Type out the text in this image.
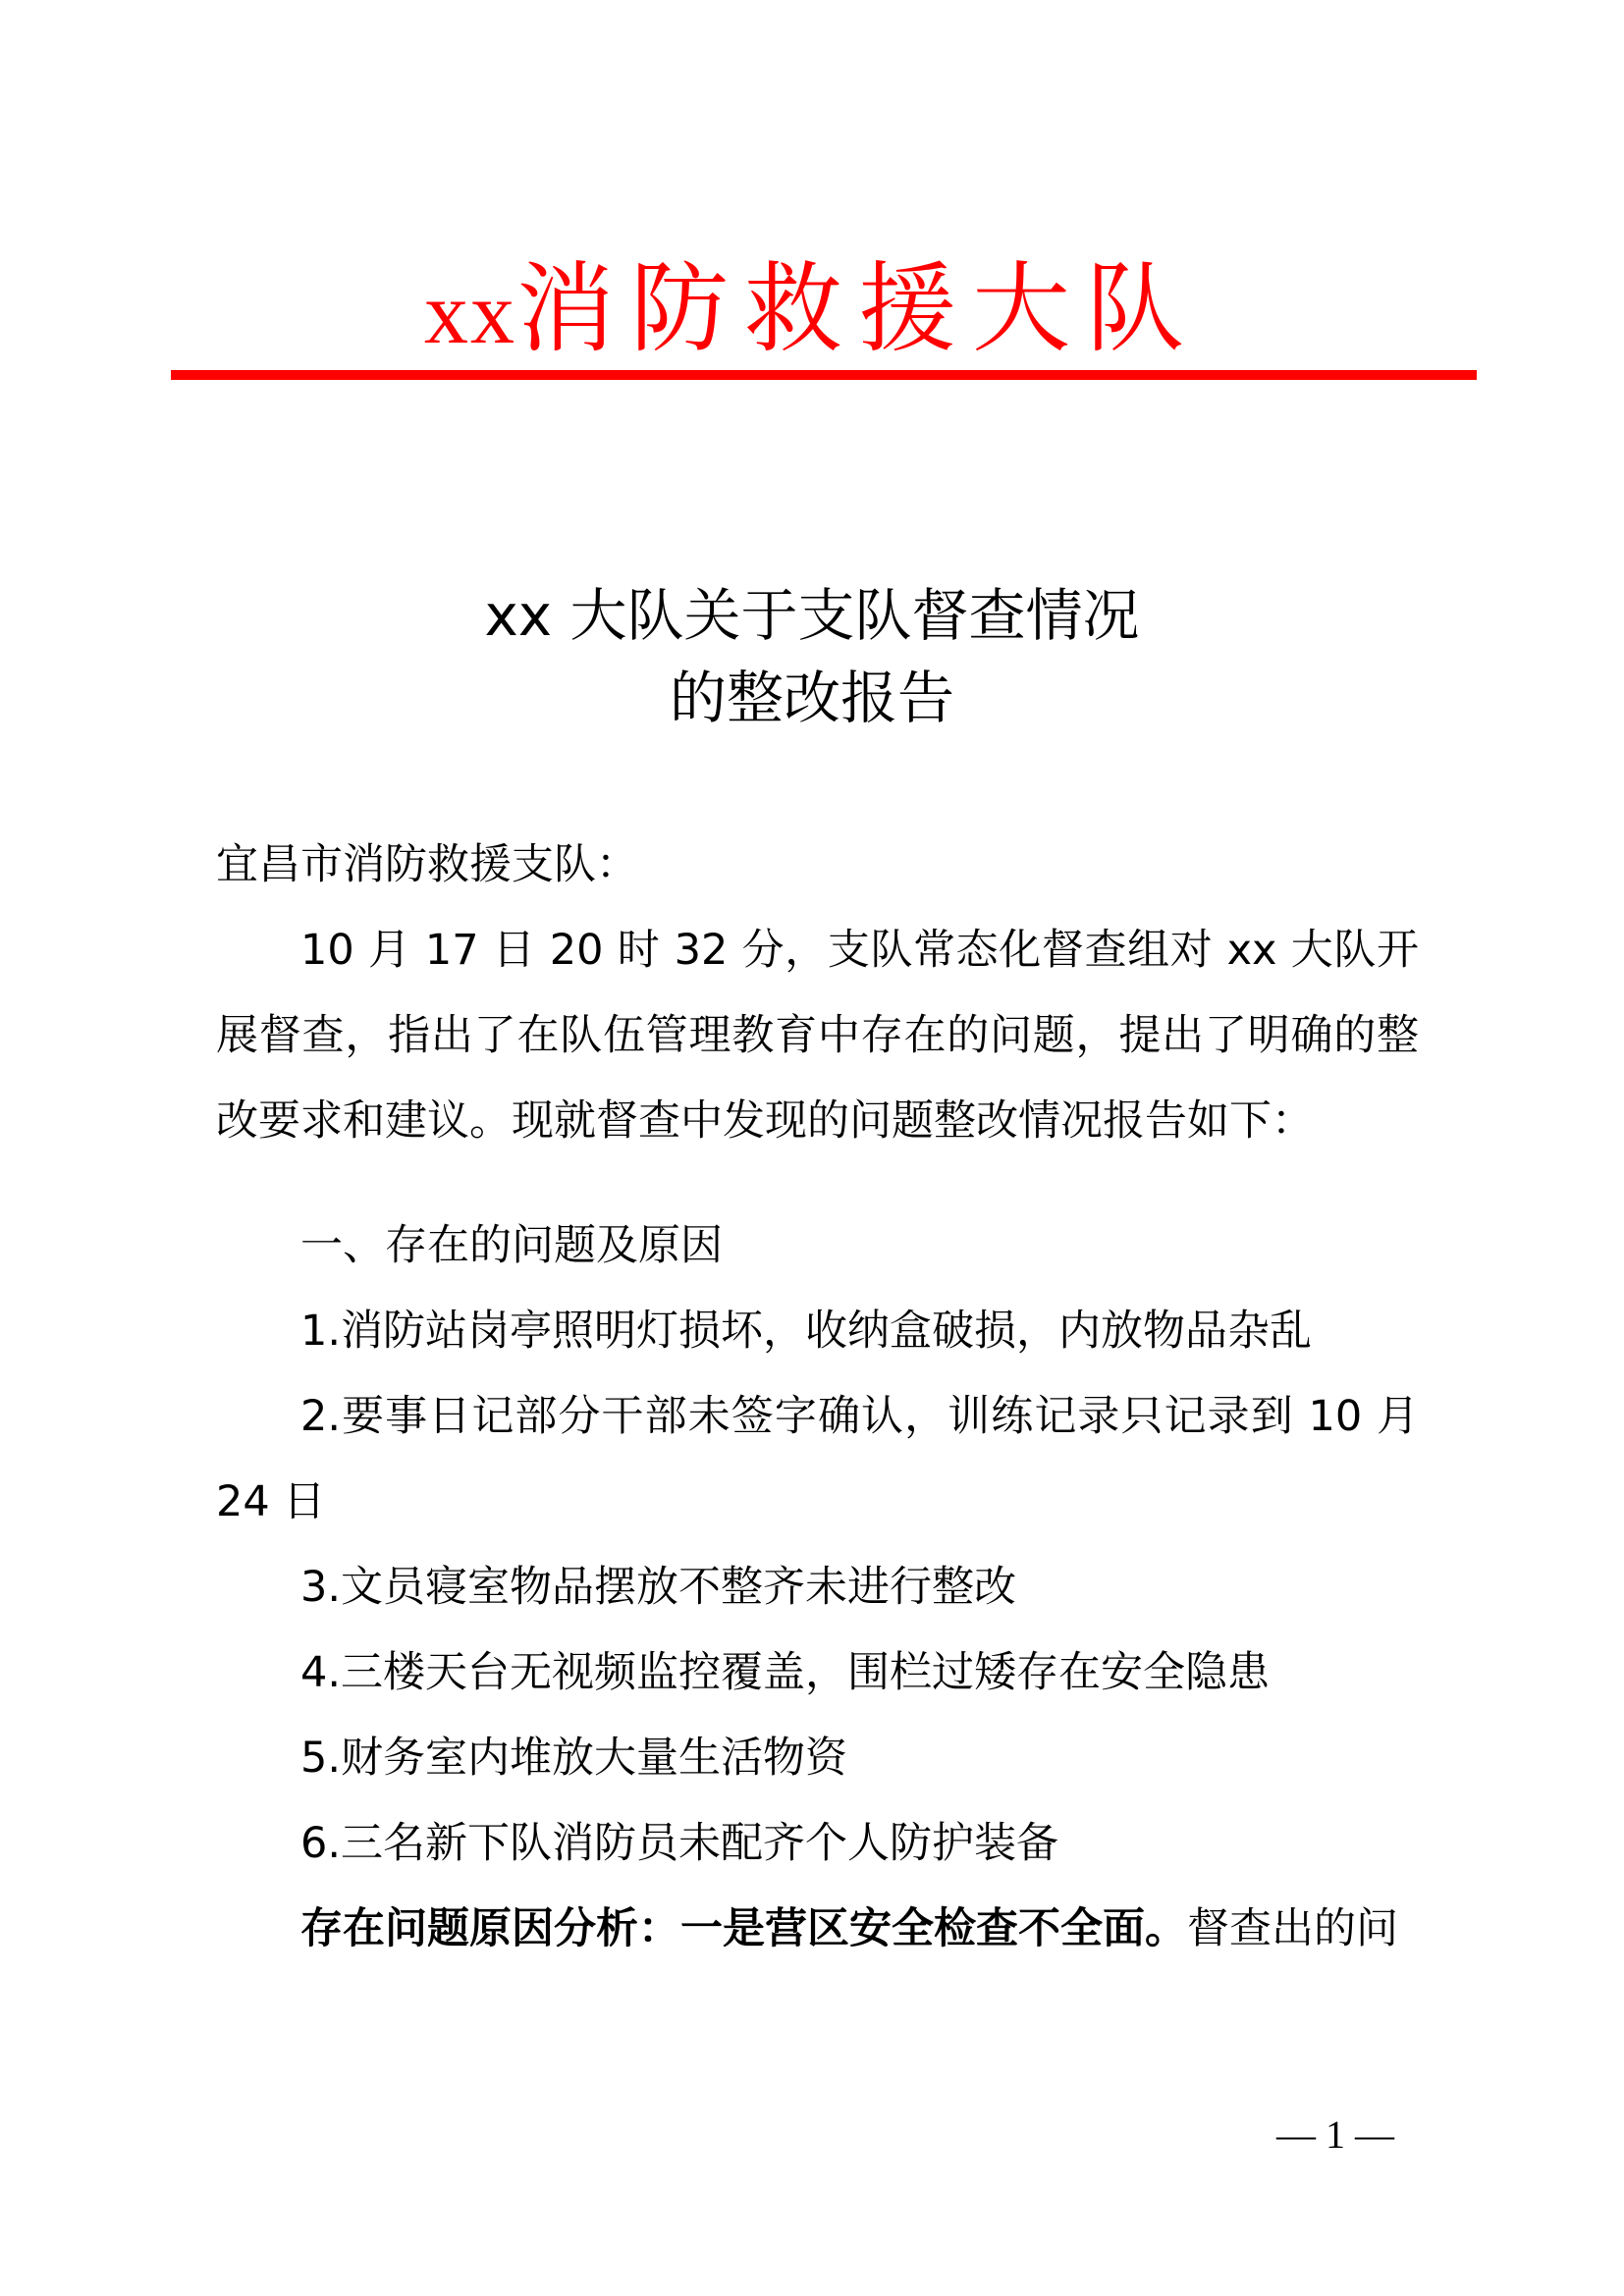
xx消防救援大队
xx 大队关于支队督查情况
的整改报告

宜昌市消防救援支队：

10 月 17 日 20 时 32 分，支队常态化督查组对 xx 大队开展督查，指出了在队伍管理教育中存在的问题，提出了明确的整改要求和建议。现就督查中发现的问题整改情况报告如下：

一、存在的问题及原因

1.消防站岗亭照明灯损坏，收纳盒破损，内放物品杂乱

2.要事日记部分干部未签字确认，训练记录只记录到 10 月 24 日

3.文员寝室物品摆放不整齐未进行整改

4.三楼天台无视频监控覆盖，围栏过矮存在安全隐患

5.财务室内堆放大量生活物资

6.三名新下队消防员未配齐个人防护装备

存在问题原因分析：一是营区安全检查不全面。督查出的问

— 1 —
